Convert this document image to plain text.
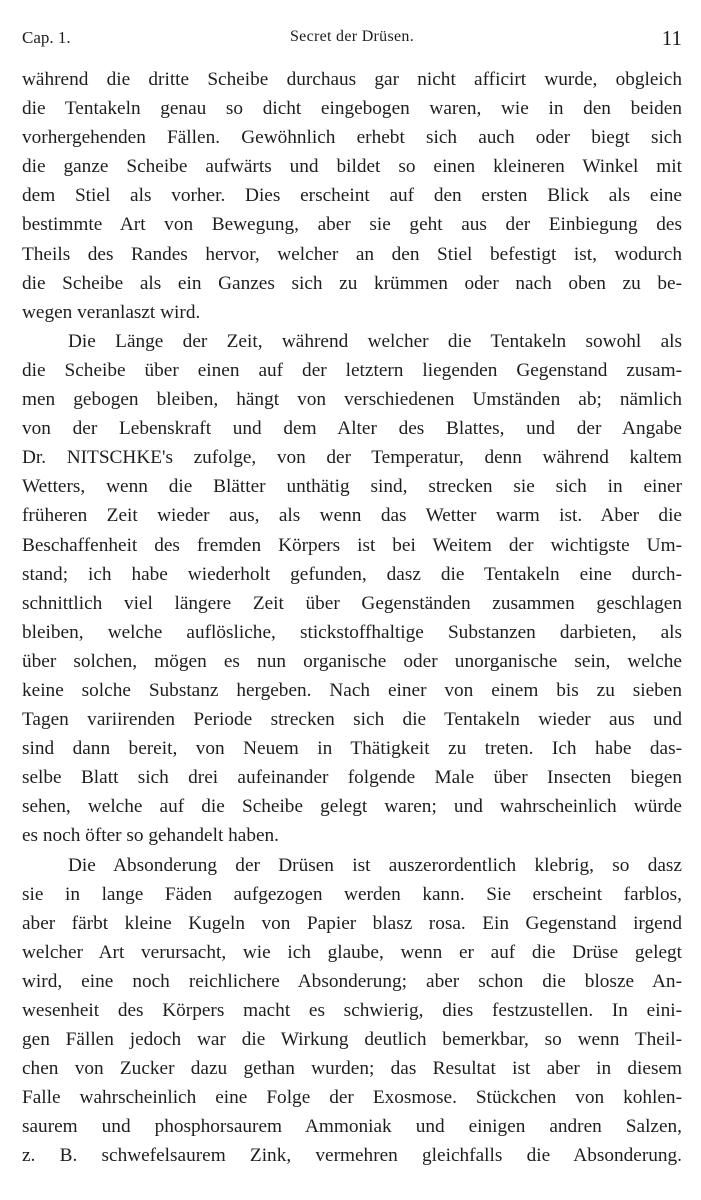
Cap. 1.	Secret der Drüsen.	11
während die dritte Scheibe durchaus gar nicht afficirt wurde, obgleich
die Tentakeln genau so dicht eingebogen waren, wie in den beiden
vorhergehenden Fällen. Gewöhnlich erhebt sich auch oder biegt sich
die ganze Scheibe aufwärts und bildet so einen kleineren Winkel mit
dem Stiel als vorher. Dies erscheint auf den ersten Blick als eine
bestimmte Art von Bewegung, aber sie geht aus der Einbiegung des
Theils des Randes hervor, welcher an den Stiel befestigt ist, wodurch
die Scheibe als ein Ganzes sich zu krümmen oder nach oben zu be-
wegen veranlaszt wird.
Die Länge der Zeit, während welcher die Tentakeln sowohl als
die Scheibe über einen auf der letztern liegenden Gegenstand zusam-
men gebogen bleiben, hängt von verschiedenen Umständen ab; nämlich
von der Lebenskraft und dem Alter des Blattes, und der Angabe
Dr. NITSCHKE's zufolge, von der Temperatur, denn während kaltem
Wetters, wenn die Blätter unthätig sind, strecken sie sich in einer
früheren Zeit wieder aus, als wenn das Wetter warm ist. Aber die
Beschaffenheit des fremden Körpers ist bei Weitem der wichtigste Um-
stand; ich habe wiederholt gefunden, dasz die Tentakeln eine durch-
schnittlich viel längere Zeit über Gegenständen zusammen geschlagen
bleiben, welche auflösliche, stickstoffhaltige Substanzen darbieten, als
über solchen, mögen es nun organische oder unorganische sein, welche
keine solche Substanz hergeben. Nach einer von einem bis zu sieben
Tagen variirenden Periode strecken sich die Tentakeln wieder aus und
sind dann bereit, von Neuem in Thätigkeit zu treten. Ich habe das-
selbe Blatt sich drei aufeinander folgende Male über Insecten biegen
sehen, welche auf die Scheibe gelegt waren; und wahrscheinlich würde
es noch öfter so gehandelt haben.
Die Absonderung der Drüsen ist auszerordentlich klebrig, so dasz
sie in lange Fäden aufgezogen werden kann. Sie erscheint farblos,
aber färbt kleine Kugeln von Papier blasz rosa. Ein Gegenstand irgend
welcher Art verursacht, wie ich glaube, wenn er auf die Drüse gelegt
wird, eine noch reichlichere Absonderung; aber schon die blosze An-
wesenheit des Körpers macht es schwierig, dies festzustellen. In eini-
gen Fällen jedoch war die Wirkung deutlich bemerkbar, so wenn Theil-
chen von Zucker dazu gethan wurden; das Resultat ist aber in diesem
Falle wahrscheinlich eine Folge der Exosmose. Stückchen von kohlen-
saurem und phosphorsaurem Ammoniak und einigen andren Salzen,
z. B. schwefelsaurem Zink, vermehren gleichfalls die Absonderung.
